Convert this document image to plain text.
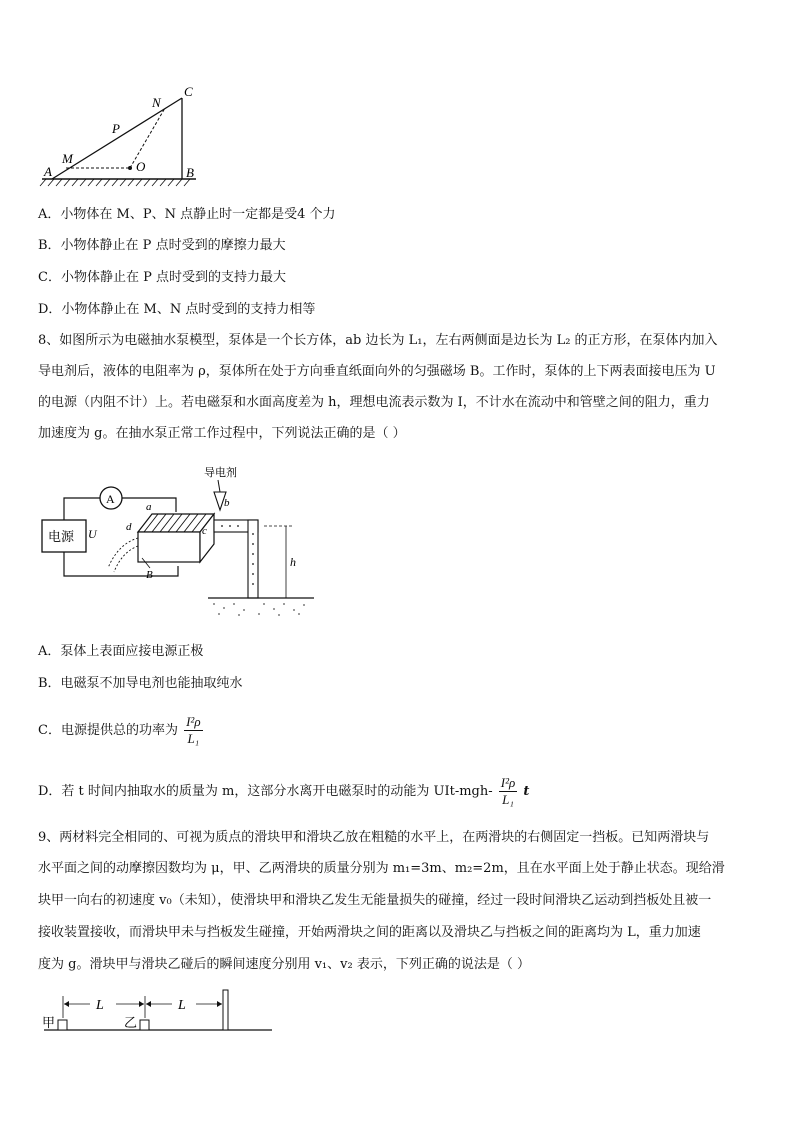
A	B
C
M
P
N
O
A．小物体在 M、P、N 点静止时一定都是受4 个力
B．小物体静止在 P 点时受到的摩擦力最大
C．小物体静止在 P 点时受到的支持力最大
D．小物体静止在 M、N 点时受到的支持力相等
8、如图所示为电磁抽水泵模型，泵体是一个长方体，ab 边长为 L₁，左右两侧面是边长为 L₂ 的正方形，在泵体内加入
导电剂后，液体的电阻率为 ρ，泵体所在处于方向垂直纸面向外的匀强磁场 B。工作时，泵体的上下两表面接电压为 U
的电源（内阻不计）上。若电磁泵和水面高度差为 h，理想电流表示数为 I，不计水在流动中和管壁之间的阻力，重力
加速度为 g。在抽水泵正常工作过程中，下列说法正确的是（ ）
电源 U
A
a
d	c
B
导电剂
b
h
A．泵体上表面应接电源正极
B．电磁泵不加导电剂也能抽取纯水
C．电源提供总的功率为 $\frac{\text{I²ρ}}{\text{L₁}}$
D．若 t 时间内抽取水的质量为 m，这部分水离开电磁泵时的动能为 $UIt-mgh- \frac{\text{I²ρ}}{\text{L₁}}$ t
9、两材料完全相同的、可视为质点的滑块甲和滑块乙放在粗糙的水平上，在两滑块的右侧固定一挡板。已知两滑块与
水平面之间的动摩擦因数均为 μ，甲、乙两滑块的质量分别为 m₁=3m、m₂=2m，且在水平面上处于静止状态。现给滑
块甲一向右的初速度 v₀（未知），使滑块甲和滑块乙发生无能量损失的碰撞，经过一段时间滑块乙运动到挡板处且被一
接收装置接收，而滑块甲未与挡板发生碰撞，开始两滑块之间的距离以及滑块乙与挡板之间的距离均为 L，重力加速
度为 g。滑块甲与滑块乙碰后的瞬间速度分别用 v₁、v₂ 表示，下列正确的说法是（ ）
甲	乙
L	L
